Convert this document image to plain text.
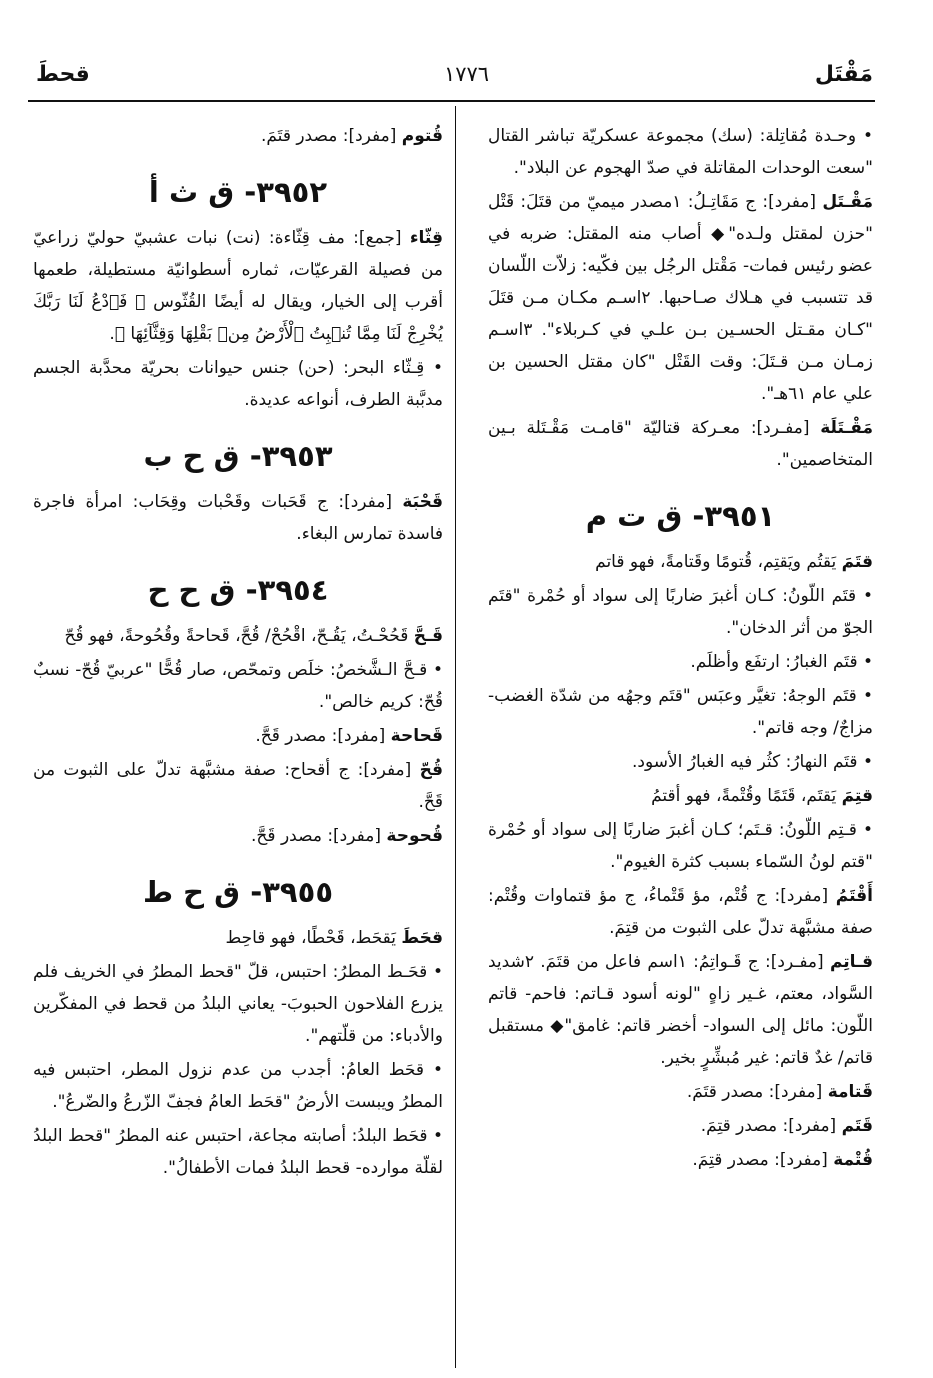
مَقْتَل
١٧٧٦
قحطَ
• وحـدة مُقاتِلة: (سك) مجموعة عسكريّة تباشر القتال "سعت الوحدات المقاتلة في صدّ الهجوم عن البلاد".
مَقْـتَل [مفرد]: ج مَقَاتِـلُ: ١مصدر ميميّ من قتَلَ: قَتْل "حزن لمقتل ولـده"◆ أصاب منه المقتل: ضربه في عضو رئيس فمات- مَقْتل الرجُل بين فكّيه: زلاّت اللّسان قد تتسبب في هـلاك صـاحبها. ٢اسـم مكـان مـن قتَلَ "كـان مقـتل الحسـين بـن علـي في كـربلاء". ٣اسـم زمـان مـن قـتَلَ: وقت القَتْل "كان مقتل الحسين بن علي عام ٦١هـ".
مَقْـتَلَة [مفـرد]: معـركة قتاليّة "قامـت مَقْـتَلة بـين المتخاصمين".
٣٩٥١- ق ت م
قتَمَ يَقتُم ويَقتِم، قُتومًا وقَتامةً، فهو قاتم
• قتَم اللّونُ: كـان أغبرَ ضاربًا إلى سواد أو حُمْرة "قتَم الجوّ من أثر الدخان".
• قتَم الغبارُ: ارتفَع وأظلَم.
• قتَم الوجهُ: تغيَّر وعبَس "قتَم وجهُه من شدّة الغضب- مزاجٌ/ وجه قاتم".
• قتَم النهارُ: كثُر فيه الغبارُ الأسود.
قتِمَ يَقتَم، قَتَمًا وقُتْمةً، فهو أقتمُ
• قـتِم اللّونُ: قـتَم؛ كـان أغبرَ ضاربًا إلى سواد أو حُمْرة "قتم لونُ السّماء بسبب كثرة الغيوم".
أَقْتَمُ [مفرد]: ج قُتْم، مؤ قَتْماءُ، ج مؤ قتماوات وقُتْم: صفة مشبَّهة تدلّ على الثبوت من قتِمَ.
قـاتِم [مفـرد]: ج قَـواتِمُ: ١اسم فاعل من قتَمَ. ٢شديد السَّواد، معتم، غـير زاهٍ "لونه أسود قـاتم: فاحم- قاتم اللّون: مائل إلى السواد- أخضر قاتم: غامق"◆ مستقبل قاتم/ غدٌ قاتم: غير مُبشِّرٍ بخير.
قَتامة [مفرد]: مصدر قتَمَ.
قَتَم [مفرد]: مصدر قتِمَ.
قُتْمة [مفرد]: مصدر قتِمَ.
قُتوم [مفرد]: مصدر قتَمَ.
٣٩٥٢- ق ث أ
قِثّاء [جمع]: مف قِثّاءة: (نت) نبات عشبيّ حوليّ زراعيّ من فصيلة القرعيّات، ثماره أسطوانيّة مستطيلة، طعمها أقرب إلى الخيار، ويقال له أيضًا القُثّوس ﴿ فَٱدْعُ لَنَا رَبَّكَ يُخْرِجْ لَنَا مِمَّا تُنۢبِتُ ٱلْأَرْضُ مِنۢ بَقْلِهَا وَقِثَّآئِهَا ﴾.
• قِـثّاء البحر: (حن) جنس حيوانات بحريّة محدَّبة الجسم مدبَّبة الطرف، أنواعه عديدة.
٣٩٥٣- ق ح ب
قَحْبَة [مفرد]: ج قَحَبات وقَحْبات وقِحَاب: امرأة فاجرة فاسدة تمارس البغاء.
٣٩٥٤- ق ح ح
قَـحَّ قَحُحْـتُ، يَقُـحّ، اقْحُحْ/ قُحَّ، قَحاحةً وقُحُوحةً، فهو قُحّ
• قـحَّ الـشَّخصُ: خلَص وتمحّص، صار قُحًّا "عربيّ قُحّ- نسبٌ قُحّ: كريم خالص".
قَحاحة [مفرد]: مصدر قَحَّ.
قُحّ [مفرد]: ج أقحاح: صفة مشبَّهة تدلّ على الثبوت من قَحَّ.
قُحوحة [مفرد]: مصدر قَحَّ.
٣٩٥٥- ق ح ط
قحَطَ يَقحَط، قَحْطًا، فهو قاحِط
• قحَـط المطرُ: احتبس، قلّ "قحط المطرُ في الخريف فلم يزرع الفلاحون الحبوبَ- يعاني البلدُ من قحط في المفكّرين والأدباء: من قلّتهم".
• قحَط العامُ: أجدب من عدم نزول المطر، احتبس فيه المطرُ ويبست الأرضُ "قحَط العامُ فجفّ الزّرعُ والضّرعُ".
• قحَط البلدُ: أصابته مجاعة، احتبس عنه المطرُ "قحط البلدُ لقلّة موارده- قحط البلدُ فمات الأطفالُ".
